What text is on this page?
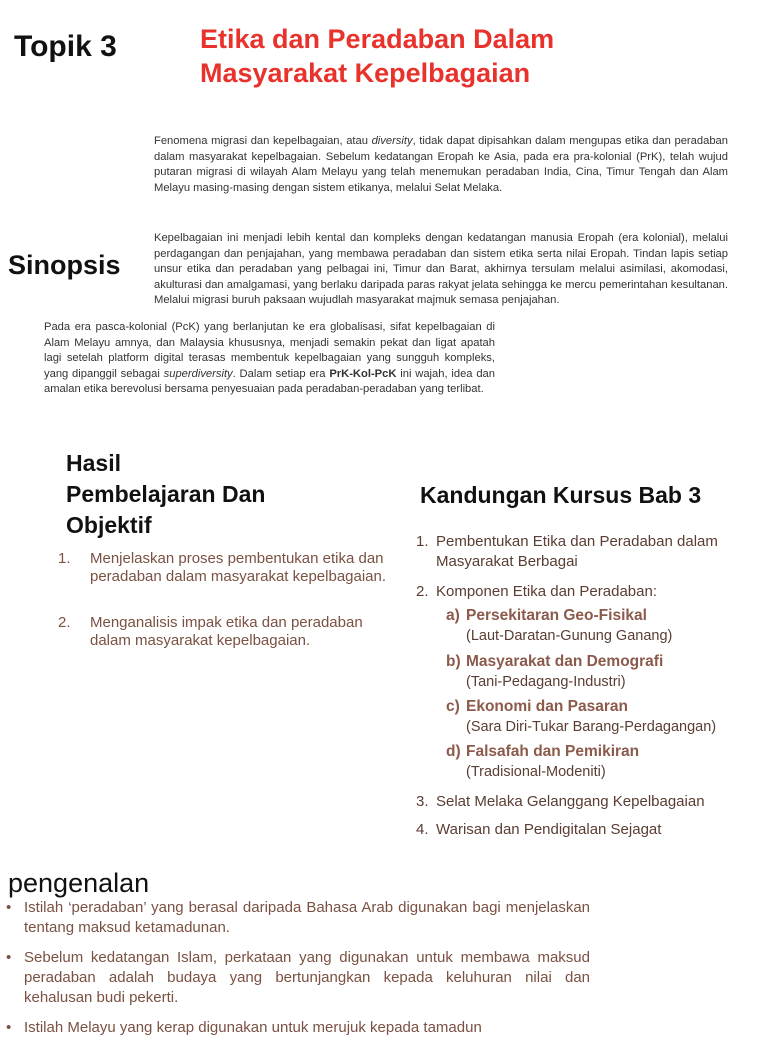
Topik 3	Etika dan Peradaban Dalam
Masyarakat Kepelbagaian
Fenomena migrasi dan kepelbagaian, atau diversity, tidak dapat dipisahkan dalam mengupas etika dan peradaban dalam masyarakat kepelbagaian. Sebelum kedatangan Eropah ke Asia, pada era pra-kolonial (PrK), telah wujud putaran migrasi di wilayah Alam Melayu yang telah menemukan peradaban India, Cina, Timur Tengah dan Alam Melayu masing-masing dengan sistem etikanya, melalui Selat Melaka.
Sinopsis
Kepelbagaian ini menjadi lebih kental dan kompleks dengan kedatangan manusia Eropah (era kolonial), melalui perdagangan dan penjajahan, yang membawa peradaban dan sistem etika serta nilai Eropah. Tindan lapis setiap unsur etika dan peradaban yang pelbagai ini, Timur dan Barat, akhirnya tersulam melalui asimilasi, akomodasi, akulturasi dan amalgamasi, yang berlaku daripada paras rakyat jelata sehingga ke mercu pemerintahan kesultanan. Melalui migrasi buruh paksaan wujudlah masyarakat majmuk semasa penjajahan.
Pada era pasca-kolonial (PcK) yang berlanjutan ke era globalisasi, sifat kepelbagaian di Alam Melayu amnya, dan Malaysia khususnya, menjadi semakin pekat dan ligat apatah lagi setelah platform digital terasas membentuk kepelbagaian yang sungguh kompleks, yang dipanggil sebagai superdiversity. Dalam setiap era PrK-Kol-PcK ini wajah, idea dan amalan etika berevolusi bersama penyesuaian pada peradaban-peradaban yang terlibat.
Hasil
Pembelajaran Dan
Objektif
1. Menjelaskan proses pembentukan etika dan peradaban dalam masyarakat kepelbagaian.
2. Menganalisis impak etika dan peradaban dalam masyarakat kepelbagaian.
Kandungan Kursus Bab 3
1. Pembentukan Etika dan Peradaban dalam Masyarakat Berbagai
2. Komponen Etika dan Peradaban:
a) Persekitaran Geo-Fisikal
(Laut-Daratan-Gunung Ganang)
b) Masyarakat dan Demografi
(Tani-Pedagang-Industri)
c) Ekonomi dan Pasaran
(Sara Diri-Tukar Barang-Perdagangan)
d) Falsafah dan Pemikiran
(Tradisional-Modeniti)
3. Selat Melaka Gelanggang Kepelbagaian
4. Warisan dan Pendigitalan Sejagat
pengenalan
• Istilah ‘peradaban’ yang berasal daripada Bahasa Arab digunakan bagi menjelaskan tentang maksud ketamadunan.
• Sebelum kedatangan Islam, perkataan yang digunakan untuk membawa maksud peradaban adalah budaya yang bertunjangkan kepada keluhuran nilai dan kehalusan budi pekerti.
• Istilah Melayu yang kerap digunakan untuk merujuk kepada tamadun
